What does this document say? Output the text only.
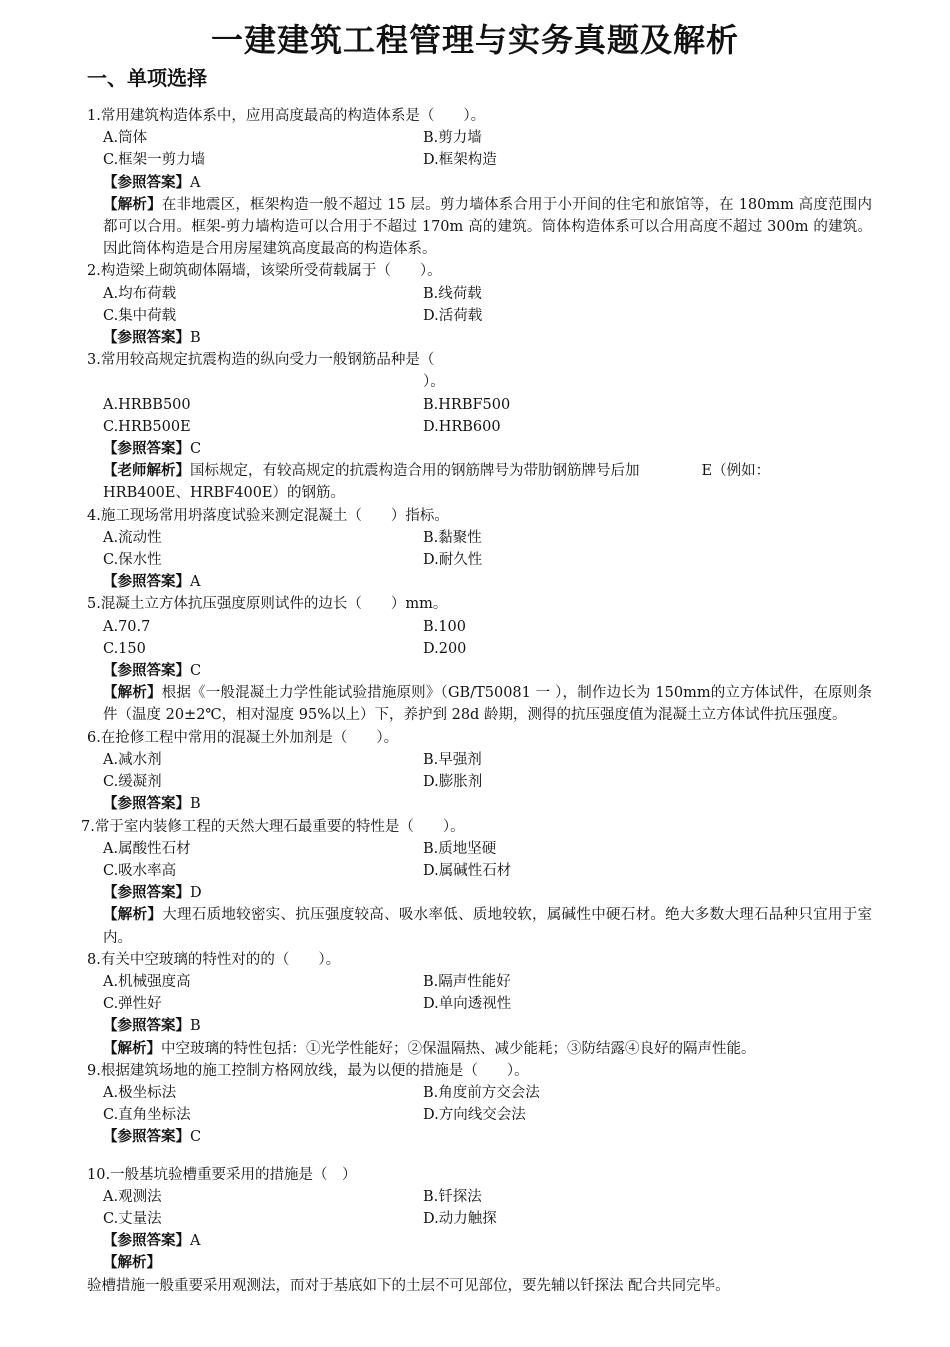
一建建筑工程管理与实务真题及解析
一、单项选择
1.常用建筑构造体系中，应用高度最高的构造体系是（　　）。
A.筒体	B.剪力墙
C.框架一剪力墙	D.框架构造
【参照答案】A
【解析】在非地震区，框架构造一般不超过 15 层。剪力墙体系合用于小开间的住宅和旅馆等，在 180mm 高度范围内都可以合用。框架-剪力墙构造可以合用于不超过 170m 高的建筑。筒体构造体系可以合用高度不超过 300m 的建筑。因此筒体构造是合用房屋建筑高度最高的构造体系。
2.构造梁上砌筑砌体隔墙，该梁所受荷载属于（　　）。
A.均布荷载	B.线荷载
C.集中荷载	D.活荷载
【参照答案】B
3.常用较高规定抗震构造的纵向受力一般钢筋品种是（
）。
A.HRBB500	B.HRBF500
C.HRB500E	D.HRB600
【参照答案】C
【老师解析】国标规定，有较高规定的抗震构造合用的钢筋牌号为带肋钢筋牌号后加	E（例如：
HRB400E、HRBF400E）的钢筋。
4.施工现场常用坍落度试验来测定混凝土（　　）指标。
A.流动性	B.黏聚性
C.保水性	D.耐久性
【参照答案】A
5.混凝土立方体抗压强度原则试件的边长（　　）mm。
A.70.7	B.100
C.150	D.200
【参照答案】C
【解析】根据《一般混凝土力学性能试验措施原则》（GB/T50081 一 ），制作边长为 150mm的立方体试件，在原则条件（温度 20±2℃，相对湿度 95%以上）下，养护到 28d 龄期，测得的抗压强度值为混凝土立方体试件抗压强度。
6.在抢修工程中常用的混凝土外加剂是（　　）。
A.减水剂	B.早强剂
C.缓凝剂	D.膨胀剂
【参照答案】B
7.常于室内装修工程的天然大理石最重要的特性是（　　）。
A.属酸性石材	B.质地坚硬
C.吸水率高	D.属碱性石材
【参照答案】D
【解析】大理石质地较密实、抗压强度较高、吸水率低、质地较软，属碱性中硬石材。绝大多数大理石品种只宜用于室内。
8.有关中空玻璃的特性对的的（　　）。
A.机械强度高	B.隔声性能好
C.弹性好	D.单向透视性
【参照答案】B
【解析】中空玻璃的特性包括：①光学性能好；②保温隔热、减少能耗；③防结露④良好的隔声性能。
9.根据建筑场地的施工控制方格网放线，最为以便的措施是（　　）。
A.极坐标法	B.角度前方交会法
C.直角坐标法	D.方向线交会法
【参照答案】C
10.一般基坑验槽重要采用的措施是（　）
A.观测法	B.钎探法
C.丈量法	D.动力触探
【参照答案】A
【解析】
验槽措施一般重要采用观测法，而对于基底如下的土层不可见部位，要先辅以钎探法 配合共同完毕。
